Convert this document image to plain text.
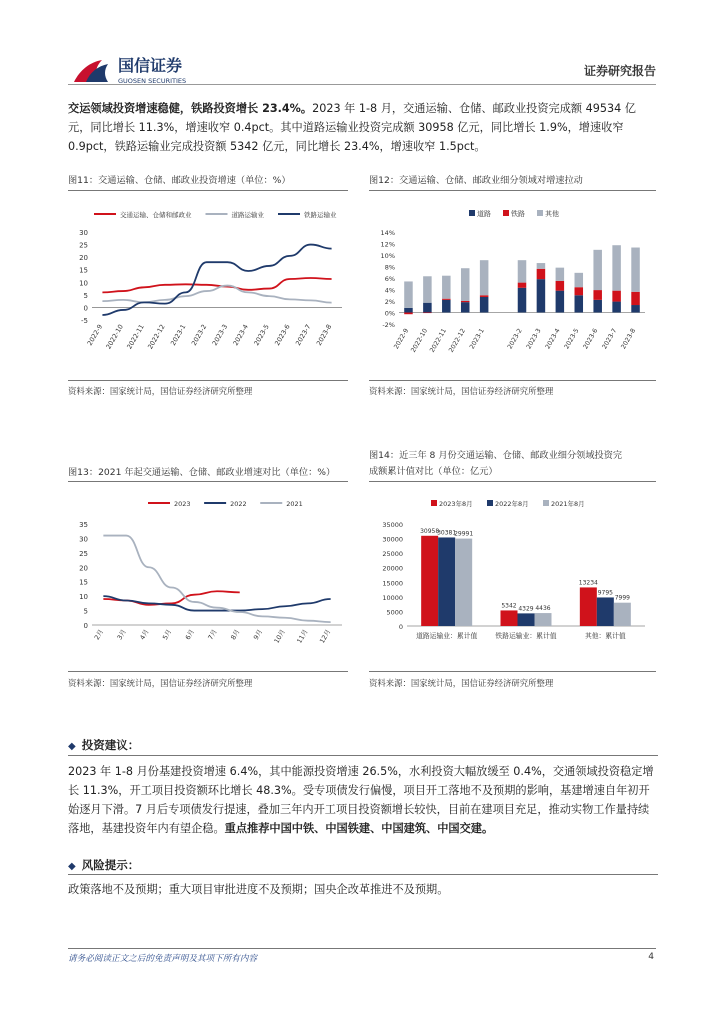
国信证券
GUOSEN SECURITIES
证券研究报告

交运领域投资增速稳健，铁路投资增长 23.4%。2023 年 1-8 月，交通运输、仓储、邮政业投资完成额 49534 亿元，同比增长 11.3%，增速收窄 0.4pct。其中道路运输业投资完成额 30958 亿元，同比增长 1.9%，增速收窄 0.9pct，铁路运输业完成投资额 5342 亿元，同比增长 23.4%，增速收窄 1.5pct。

图11：交通运输、仓储、邮政业投资增速（单位：%）
-5
0
5
10
15
20
25
30
2022-9 2022-10 2022-11 2022-12 2023-1 2023-2 2023-3 2023-4 2023-5 2023-6 2023-7 2023-8
交通运输、仓储和邮政业	道路运输业	铁路运输业
资料来源：国家统计局，国信证券经济研究所整理
图12：交通运输、仓储、邮政业细分领域对增速拉动
-2%
0%
2%
4%
6%
8%
10%
12%
14%
道路	铁路	其他
2022-9 2022-10 2022-11 2022-12 2023-1	2023-2 2023-3 2023-4 2023-5 2023-6 2023-7 2023-8
资料来源：国家统计局，国信证券经济研究所整理
图13：2021 年起交通运输、仓储、邮政业增速对比（单位：%）
0
5
10
15
20
25
30
35
2月 3月 4月 5月 6月 7月 8月 9月 10月 11月 12月
2023	2022	2021
资料来源：国家统计局，国信证券经济研究所整理
图14：近三年 8 月份交通运输、仓储、邮政业细分领域投资完
成额累计值对比（单位：亿元）
0
5000
10000
15000
20000
25000
30000
35000
2023年8月	2022年8月	2021年8月
30958
30381
29991
道路运输业：累计值
5342 4329 4436
铁路运输业：累计值
13234
9795
7999
其他：累计值
资料来源：国家统计局，国信证券经济研究所整理
◆ 投资建议：

2023 年 1-8 月份基建投资增速 6.4%，其中能源投资增速 26.5%，水利投资大幅放缓至 0.4%，交通领域投资稳定增长 11.3%，开工项目投资额环比增长 48.3%。受专项债发行偏慢，项目开工落地不及预期的影响，基建增速自年初开始逐月下滑。7 月后专项债发行提速，叠加三年内开工项目投资额增长较快，目前在建项目充足，推动实物工作量持续落地，基建投资年内有望企稳。重点推荐中国中铁、中国铁建、中国建筑、中国交建。

◆ 风险提示：

政策落地不及预期；重大项目审批进度不及预期；国央企改革推进不及预期。

请务必阅读正文之后的免责声明及其项下所有内容	4
